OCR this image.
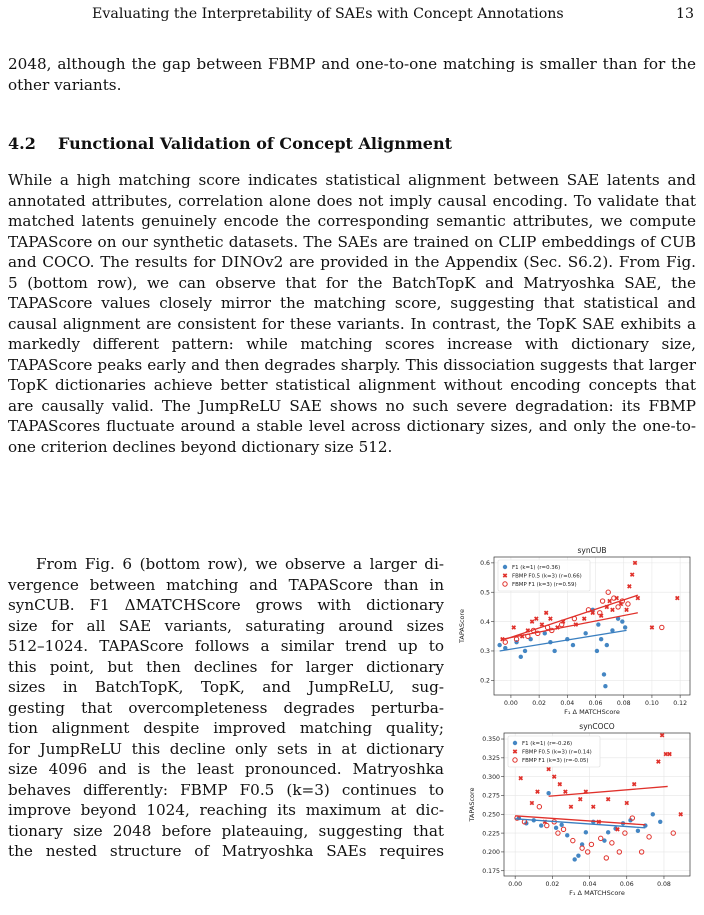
Evaluating the Interpretability of SAEs with Concept Annotations	13

2048, although the gap between FBMP and one-to-one matching is smaller than for the other variants.

4.2 Functional Validation of Concept Alignment

While a high matching score indicates statistical alignment between SAE latents and annotated attributes, correlation alone does not imply causal encoding. To validate that matched latents genuinely encode the corresponding semantic attributes, we compute TAPAScore on our synthetic datasets. The SAEs are trained on CLIP embeddings of CUB and COCO. The results for DINOv2 are provided in the Appendix (Sec. S6.2). From Fig. 5 (bottom row), we can observe that for the BatchTopK and Matryoshka SAE, the TAPAScore values closely mirror the matching score, suggesting that statistical and causal alignment are consistent for these variants. In contrast, the TopK SAE exhibits a markedly different pattern: while matching scores increase with dictionary size, TAPAScore peaks early and then degrades sharply. This dissociation suggests that larger TopK dictionaries achieve better statistical alignment without encoding concepts that are causally valid. The JumpReLU SAE shows no such severe degradation: its FBMP TAPAScores fluctuate around a stable level across dictionary sizes, and only the one-to-one criterion declines beyond dictionary size 512.

From Fig. 6 (bottom row), we observe a larger di-
vergence between matching and TAPAScore than in
synCUB. F1 ΔMATCHScore grows with dictionary
size for all SAE variants, saturating around sizes
512–1024. TAPAScore follows a similar trend up to
this point, but then declines for larger dictionary
sizes in BatchTopK, TopK, and JumpReLU, sug-
gesting that overcompleteness degrades perturba-
tion alignment despite improved matching quality;
for JumpReLU this decline only sets in at dictionary
size 4096 and is the least pronounced. Matryoshka
behaves differently: FBMP F0.5 (k=3) continues to
improve beyond 1024, reaching its maximum at dic-
tionary size 2048 before plateauing, suggesting that
the nested structure of Matryoshka SAEs requires
synCUB
0.00 0.02 0.04 0.06 0.08 0.10 0.12
0.2
0.3
0.4
0.5
0.6
F₁ Δ MATCHScore
TAPAScore
F1 (k=1) (r=0.36)
FBMP F0.5 (k=3) (r=0.66)
FBMP F1 (k=3) (r=0.59)
synCOCO
0.00	0.02	0.04	0.06	0.08
0.175
0.200
0.225
0.250
0.275
0.300
0.325
0.350
F₁ Δ MATCHScore
TAPAScore
F1 (k=1) (r=-0.26)
FBMP F0.5 (k=3) (r=0.14)
FBMP F1 (k=3) (r=-0.05)
